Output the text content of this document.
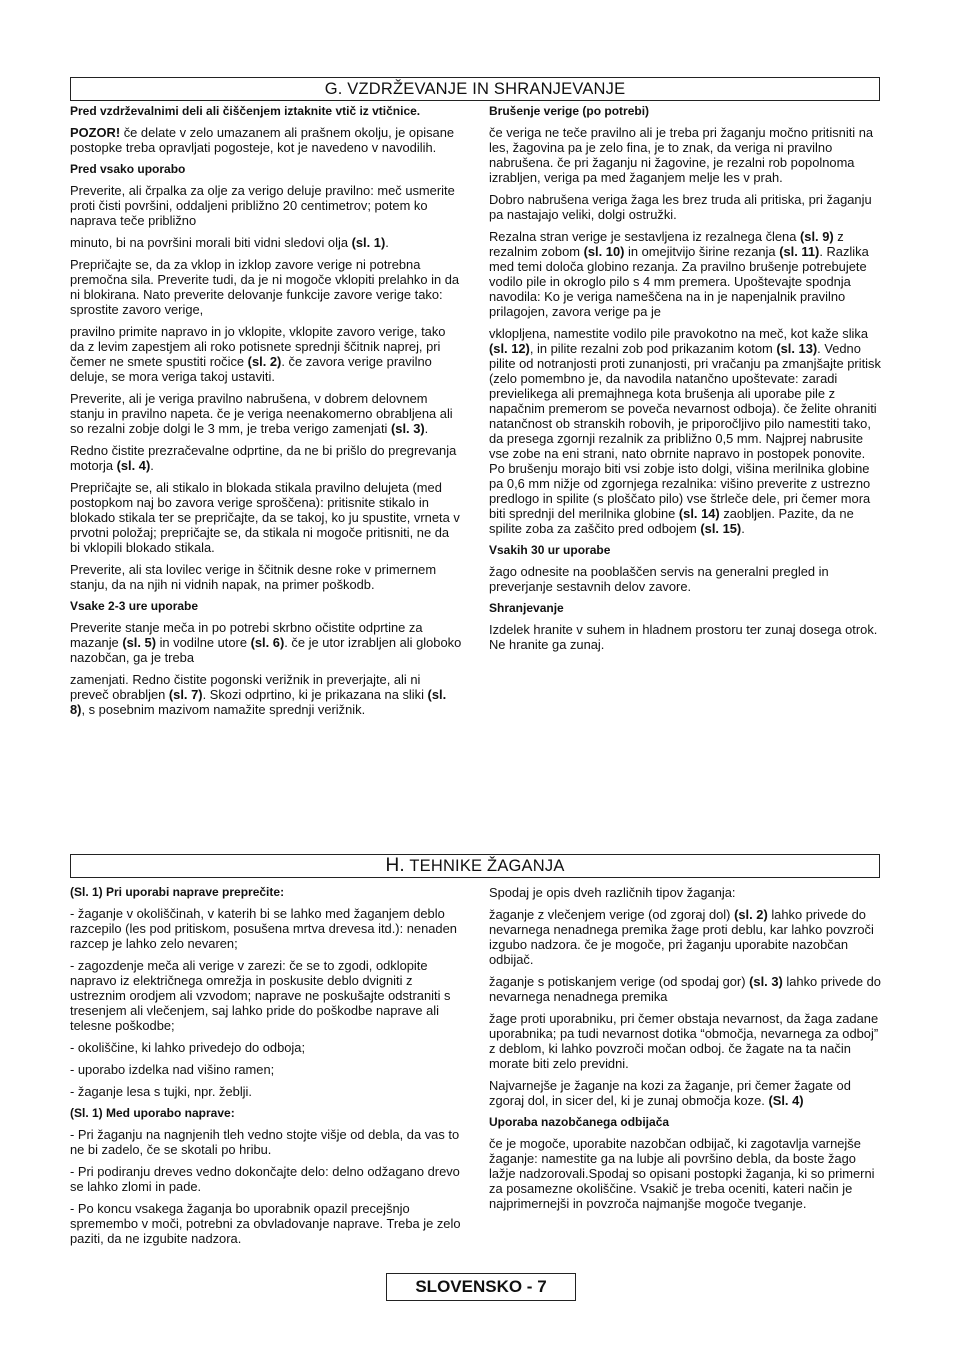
G. VZDRŽEVANJE IN SHRANJEVANJE

Pred vzdrževalnimi deli ali čiščenjem iztaknite vtič iz vtičnice.

POZOR! če delate v zelo umazanem ali prašnem okolju, je opisane postopke treba opravljati pogosteje, kot je navedeno v navodilih.

Pred vsako uporabo

Preverite, ali črpalka za olje za verigo deluje pravilno: meč usmerite proti čisti površini, oddaljeni približno 20 centimetrov; potem ko naprava teče približno

minuto, bi na površini morali biti vidni sledovi olja (sl. 1).

Prepričajte se, da za vklop in izklop zavore verige ni potrebna premočna sila. Preverite tudi, da je ni mogoče vklopiti prelahko in da ni blokirana. Nato preverite delovanje funkcije zavore verige tako: sprostite zavoro verige,

pravilno primite napravo in jo vklopite, vklopite zavoro verige, tako da z levim zapestjem ali roko potisnete sprednji ščitnik naprej, pri čemer ne smete spustiti ročice (sl. 2). če zavora verige pravilno deluje, se mora veriga takoj ustaviti.

Preverite, ali je veriga pravilno nabrušena, v dobrem delovnem stanju in pravilno napeta. če je veriga neenakomerno obrabljena ali so rezalni zobje dolgi le 3 mm, je treba verigo zamenjati (sl. 3).

Redno čistite prezračevalne odprtine, da ne bi prišlo do pregrevanja motorja (sl. 4).

Prepričajte se, ali stikalo in blokada stikala pravilno delujeta (med postopkom naj bo zavora verige sproščena): pritisnite stikalo in blokado stikala ter se prepričajte, da se takoj, ko ju spustite, vrneta v prvotni položaj; prepričajte se, da stikala ni mogoče pritisniti, ne da bi vklopili blokado stikala.

Preverite, ali sta lovilec verige in ščitnik desne roke v primernem stanju, da na njih ni vidnih napak, na primer poškodb.

Vsake 2-3 ure uporabe

Preverite stanje meča in po potrebi skrbno očistite odprtine za mazanje (sl. 5) in vodilne utore (sl. 6). če je utor izrabljen ali globoko nazobčan, ga je treba

zamenjati. Redno čistite pogonski verižnik in preverjajte, ali ni preveč obrabljen (sl. 7). Skozi odprtino, ki je prikazana na sliki (sl. 8), s posebnim mazivom namažite sprednji verižnik.

Brušenje verige (po potrebi)

če veriga ne teče pravilno ali je treba pri žaganju močno pritisniti na les, žagovina pa je zelo fina, je to znak, da veriga ni pravilno nabrušena. če pri žaganju ni žagovine, je rezalni rob popolnoma izrabljen, veriga pa med žaganjem melje les v prah.

Dobro nabrušena veriga žaga les brez truda ali pritiska, pri žaganju pa nastajajo veliki, dolgi ostružki.

Rezalna stran verige je sestavljena iz rezalnega člena (sl. 9) z rezalnim zobom (sl. 10) in omejitvijo širine rezanja (sl. 11). Razlika med temi določa globino rezanja. Za pravilno brušenje potrebujete vodilo pile in okroglo pilo s 4 mm premera. Upoštevajte spodnja navodila: Ko je veriga nameščena na in je napenjalnik pravilno prilagojen, zavora verige pa je

vklopljena, namestite vodilo pile pravokotno na meč, kot kaže slika (sl. 12), in pilite rezalni zob pod prikazanim kotom (sl. 13). Vedno pilite od notranjosti proti zunanjosti, pri vračanju pa zmanjšajte pritisk (zelo pomembno je, da navodila natančno upoštevate: zaradi previelikega ali premajhnega kota brušenja ali uporabe pile z napačnim premerom se poveča nevarnost odboja). če želite ohraniti natančnost ob stranskih robovih, je priporočljivo pilo namestiti tako, da presega zgornji rezalnik za približno 0,5 mm. Najprej nabrusite vse zobe na eni strani, nato obrnite napravo in postopek ponovite. Po brušenju morajo biti vsi zobje isto dolgi, višina merilnika globine pa 0,6 mm nižje od zgornjega rezalnika: višino preverite z ustrezno predlogo in spilite (s ploščato pilo) vse štrleče dele, pri čemer mora biti sprednji del merilnika globine (sl. 14) zaobljen. Pazite, da ne spilite zoba za zaščito pred odbojem (sl. 15).

Vsakih 30 ur uporabe

žago odnesite na pooblaščen servis na generalni pregled in preverjanje sestavnih delov zavore.

Shranjevanje

Izdelek hranite v suhem in hladnem prostoru ter zunaj dosega otrok. Ne hranite ga zunaj.

H. TEHNIKE ŽAGANJA

(Sl. 1) Pri uporabi naprave preprečite:

- žaganje v okoliščinah, v katerih bi se lahko med žaganjem deblo razcepilo (les pod pritiskom, posušena mrtva drevesa itd.): nenaden razcep je lahko zelo nevaren;

- zagozdenje meča ali verige v zarezi: če se to zgodi, odklopite napravo iz električnega omrežja in poskusite deblo dvigniti z ustreznim orodjem ali vzvodom; naprave ne poskušajte odstraniti s tresenjem ali vlečenjem, saj lahko pride do poškodbe naprave ali telesne poškodbe;

- okoliščine, ki lahko privedejo do odboja;

- uporabo izdelka nad višino ramen;

- žaganje lesa s tujki, npr. žeblji.

(Sl. 1) Med uporabo naprave:

- Pri žaganju na nagnjenih tleh vedno stojte višje od debla, da vas to ne bi zadelo, če se skotali po hribu.

- Pri podiranju dreves vedno dokončajte delo: delno odžagano drevo se lahko zlomi in pade.

- Po koncu vsakega žaganja bo uporabnik opazil precejšnjo spremembo v moči, potrebni za obvladovanje naprave. Treba je zelo paziti, da ne izgubite nadzora.

Spodaj je opis dveh različnih tipov žaganja:

žaganje z vlečenjem verige (od zgoraj dol) (sl. 2) lahko privede do nevarnega nenadnega premika žage proti deblu, kar lahko povzroči izgubo nadzora. če je mogoče, pri žaganju uporabite nazobčan odbijač.

žaganje s potiskanjem verige (od spodaj gor) (sl. 3) lahko privede do nevarnega nenadnega premika

žage proti uporabniku, pri čemer obstaja nevarnost, da žaga zadane uporabnika; pa tudi nevarnost dotika “območja, nevarnega za odboj” z deblom, ki lahko povzroči močan odboj. če žagate na ta način morate biti zelo previdni.

Najvarnejše je žaganje na kozi za žaganje, pri čemer žagate od zgoraj dol, in sicer del, ki je zunaj območja koze. (Sl. 4)

Uporaba nazobčanega odbijača

če je mogoče, uporabite nazobčan odbijač, ki zagotavlja varnejše žaganje: namestite ga na lubje ali površino debla, da boste žago lažje nadzorovali.Spodaj so opisani postopki žaganja, ki so primerni za posamezne okoliščine. Vsakič je treba oceniti, kateri način je najprimernejši in povzroča najmanjše mogoče tveganje.

SLOVENSKO - 7
